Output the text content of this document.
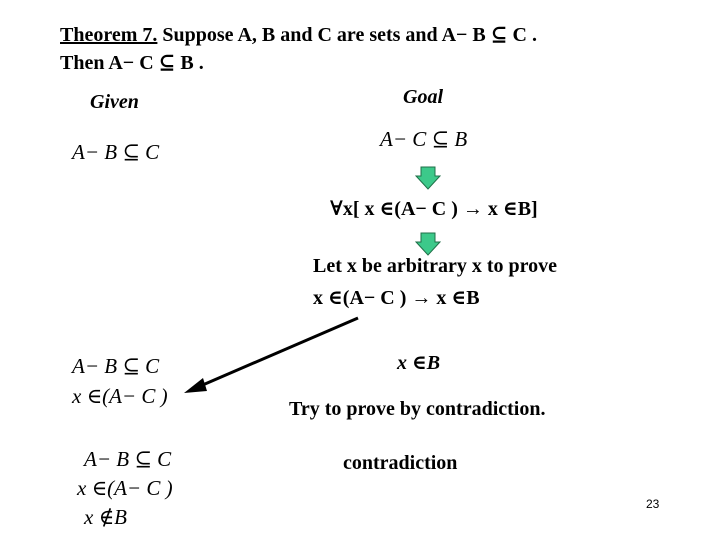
Theorem 7. Suppose A, B and C are sets and A− B ⊆ C .
Then A− C ⊆ B .
Given	Goal
A− B ⊆ C
A− C ⊆ B
∀x[ x ∈(A− C ) → x ∈B]
Let x be arbitrary x to prove
x ∈(A− C ) → x ∈B
A− B ⊆ C
x ∈(A− C )
x ∈B
Try to prove by contradiction.
A− B ⊆ C
x ∈(A− C )
x ∉B
contradiction
23
